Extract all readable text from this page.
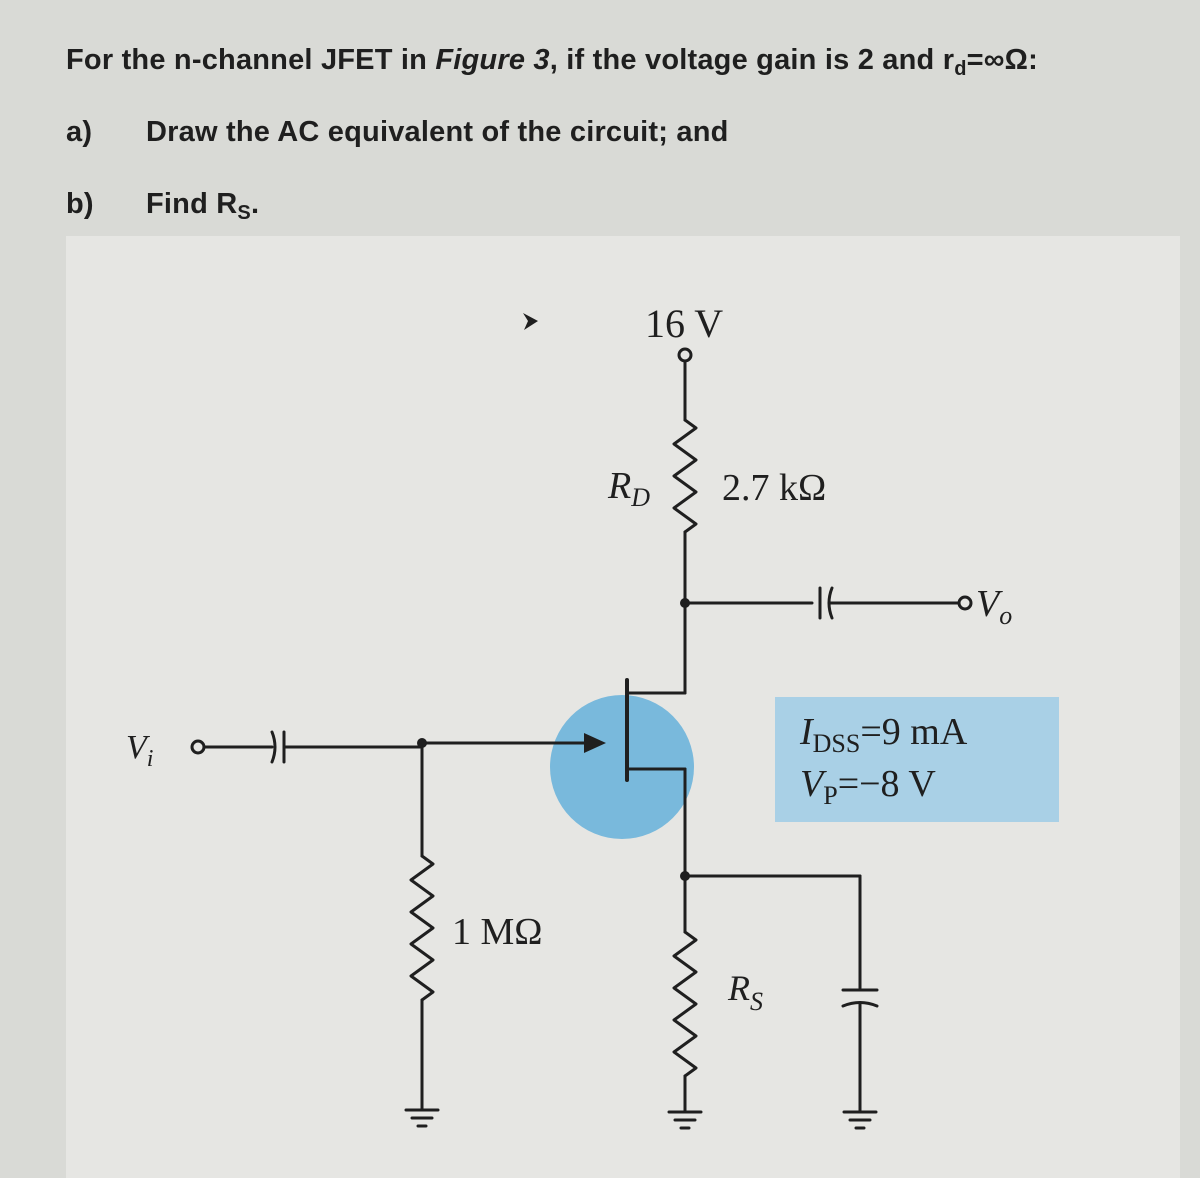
For the n-channel JFET in Figure 3, if the voltage gain is 2 and $r_d=\infty\Omega$:
a) Draw the AC equivalent of the circuit; and
b) Find $R_S$.
16 V
$R_D$ 2.7 kΩ
1 MΩ
$R_S$
$V_i$
$V_o$
$I_{DSS}=9$ mA
$V_P=-8$ V
